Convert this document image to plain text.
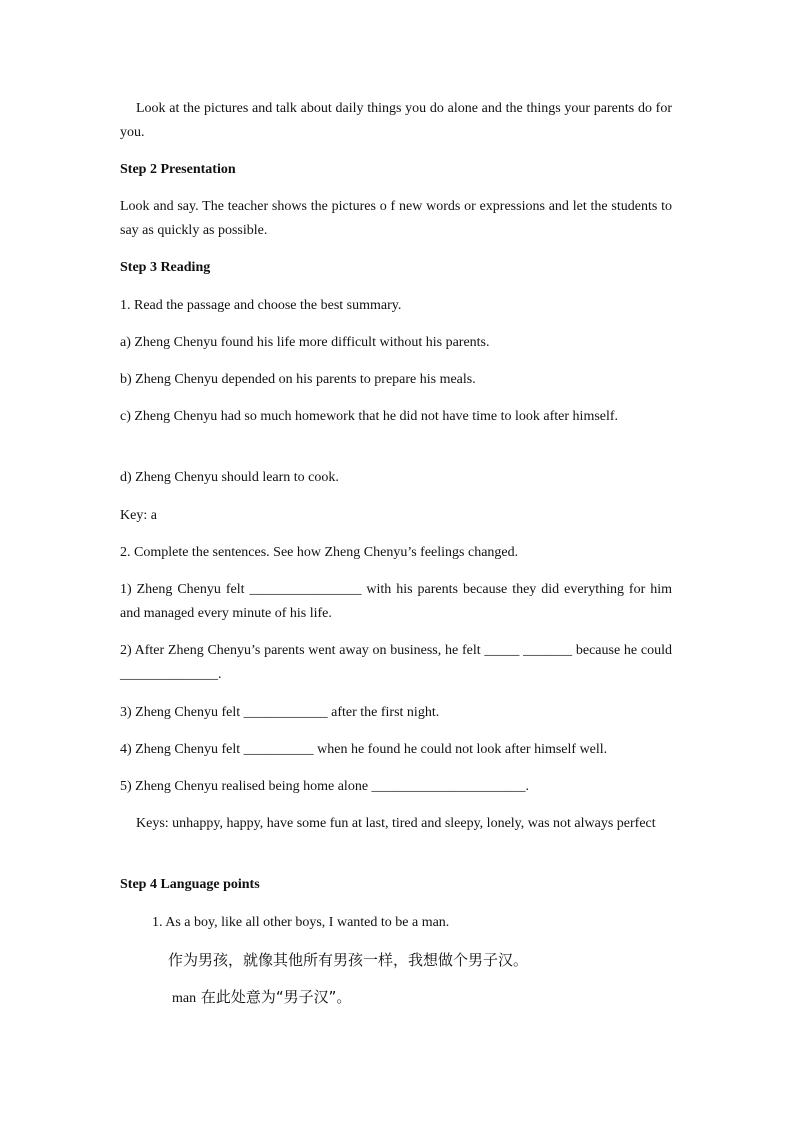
Look at the pictures and talk about daily things you do alone and the things your parents do for you.

Step 2 Presentation

Look and say. The teacher shows the pictures o f new words or expressions and let the students to say as quickly as possible.

Step 3 Reading

1. Read the passage and choose the best summary.

a) Zheng Chenyu found his life more difficult without his parents.

b) Zheng Chenyu depended on his parents to prepare his meals.

c) Zheng Chenyu had so much homework that he did not have time to look after himself.

d) Zheng Chenyu should learn to cook.

Key: a

2. Complete the sentences. See how Zheng Chenyu’s feelings changed.

1) Zheng Chenyu felt ________________ with his parents because they did everything for him and managed every minute of his life.

2) After Zheng Chenyu’s parents went away on business, he felt _____ _______ because he could ______________.

3) Zheng Chenyu felt ____________ after the first night.

4) Zheng Chenyu felt __________ when he found he could not look after himself well.

5) Zheng Chenyu realised being home alone ______________________.

Keys: unhappy, happy, have some fun at last, tired and sleepy, lonely, was not always perfect

Step 4 Language points

1. As a boy, like all other boys, I wanted to be a man.

作为男孩，就像其他所有男孩一样，我想做个男子汉。

man 在此处意为“男子汉”。
